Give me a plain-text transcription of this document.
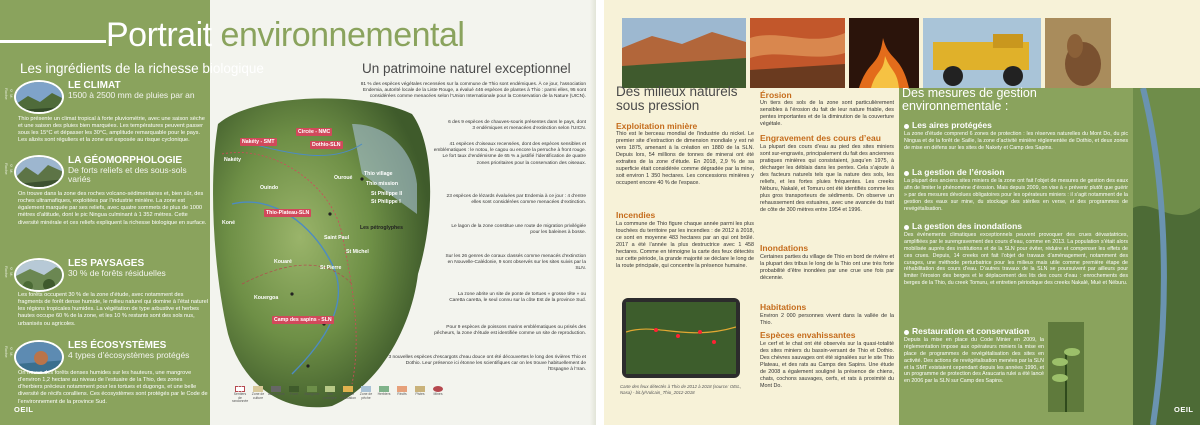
Portrait environnemental
Les ingrédients de la richesse biologique	Un patrimoine naturel exceptionnel
LE CLIMAT
1500 à 2500 mm de pluies par an
Thio présente un climat tropical à forte pluviométrie, avec une saison sèche et une saison des pluies bien marquées. Les températures peuvent passer sous les 15°C et dépasser les 30°C, amplitude remarquable pour le pays. Les alizés sont réguliers et la zone est exposée au risque cyclonique.
© M. Roche
LA GÉOMORPHOLOGIE
De forts reliefs et des sous-sols variés
On trouve dans la zone des roches volcano-sédimentaires et, bien sûr, des roches ultramafiques, exploitées par l’industrie minière. La zone est également marquée par ses reliefs, avec quatre sommets de plus de 1000 mètres d’altitude, dont le pic Ningua culminant à 1 352 mètres. Cette diversité minérale et ces reliefs expliquent la richesse biologique en surface.
© M. Roche
LES PAYSAGES
30 % de forêts résiduelles
Les forêts occupent 30 % de la zone d’étude, avec notamment des fragments de forêt dense humide, le milieu naturel qui domine à l’état naturel les régions tropicales humides. La végétation de type arbustive et herbes hautes occupe 60 % de la zone, et les 10 % restants sont des sols nus, urbanisés ou agricoles.
© M. Roche
LES ÉCOSYSTÈMES
4 types d’écosystèmes protégés
On trouve des forêts denses humides sur les hauteurs, une mangrove d’environ 1,2 hectare au niveau de l’estuaire de la Thio, des zones d’herbiers précieux notamment pour les tortues et dugongs, et une belle diversité de récifs coralliens. Ces écosystèmes sont protégés par le Code de l’environnement de la province Sud.
© M. Roche
Circée - NMC
Nakéty - SMT	Dothio-SLN
Thio-Plateau-SLN
Camp des sapins - SLN
Thio village
Thio mission
St Philippe II
St Philippe I
Ouroué
Les pétroglyphes
Saint Paul
St Michel
Kouaré
St Pierre
Kouergoa
Ouindo
Koné
Nakéty
81 % des espèces végétales recensées sur la commune de Thio sont endémiques. À ce jour, l’association Endemia, autorité locale de la Liste Rouge, a évalué 446 espèces de plantes à Thio : parmi elles, 95 sont considérées comme menacées selon l’Union Internationale pour la Conservation de la Nature (UICN).
6 des 9 espèces de chauves-souris présentes dans le pays, dont 3 endémiques et menacées d’extinction selon l’UICN.
41 espèces d’oiseaux recensées, dont des espèces sensibles et emblématiques : le notou, le cagou ou encore la perruche à front rouge. Le fort taux d’endémisme de 65 % a justifié l’identification de quatre zones prioritaires pour la conservation des oiseaux.
23 espèces de lézards évaluées par Endemia à ce jour : 4 d’entre elles sont considérées comme menacées d’extinction.
Le lagon de la zone constitue une route de migration privilégiée pour les baleines à bosse.
Sur les 26 genres de coraux classés comme menacés d’extinction en Nouvelle-Calédonie, 9 sont observés sur les sites suivis par la SLN.
La zone abrite un site de ponte de tortues « grosse tête » ou Caretta caretta, le seul connu sur la côte Est de la province Sud.
Pour 9 espèces de poissons marins emblématiques ou prisés des pêcheurs, la zone d’étude est identifiée comme un site de reproduction.
3 nouvelles espèces d’escargots d’eau douce ont été découvertes le long des rivières Thio et Dothio. Leur présence ici étonne les scientifiques car on les trouve habituellement de l’Espagne à l’Iran.
Sentiers de randonnée
Zone de culture
Aérodrome	Foret	Mangrove	Aire protégée
Aires de nidification
Zone de pêche
Herbiers	Récifs	Pistes	Mines
OEIL
Des milieux naturels sous pression
Exploitation minière
Thio est le berceau mondial de l’industrie du nickel. Le premier site d’extraction de dimension mondiale y est né vers 1875, amenant à la création en 1880 de la SLN. Depuis lors, 54 millions de tonnes de minerai ont été extraites de la zone d’étude. En 2018, 2,9 % de sa superficie était considérée comme dégradée par la mine, soit environ 1 350 hectares. Les concessions minières y occupent encore 40 % de l’espace.
Incendies
La commune de Thio figure chaque année parmi les plus touchées du territoire par les incendies : de 2012 à 2018, ce sont en moyenne 483 hectares par an qui ont brûlé. 2017 a été l’année la plus destructrice avec 1 458 hectares. Comme en témoigne la carte des feux détectés sur cette période, la grande majorité se déclare le long de la route principale, qui concentre la présence humaine.
Carte des feux détectés à Thio de 2012 à 2018 (source: OEIL, Nasa) - bit.ly/Vulcain_Thio_2012-2018
Érosion
Un tiers des sols de la zone sont particulièrement sensibles à l’érosion du fait de leur nature friable, des pentes importantes et de la diminution de la couverture végétale.
Engravement des cours d’eau
La plupart des cours d’eau au pied des sites miniers sont sur-engravés, principalement du fait des anciennes pratiques minières qui consistaient, jusqu’en 1975, à décharger les déblais dans les pentes. Cela s’ajoute à des facteurs naturels tels que la nature des sols, les reliefs, et les fortes pluies fréquentes. Les creeks Néburu, Nakalé, et Tomuru ont été identifiés comme les plus gros transporteurs de sédiments. On observe un rehaussement des estuaires, avec une avancée du trait de côte de 300 mètres entre 1954 et 1996.
Inondations
Certaines parties du village de Thio en bord de rivière et la plupart des tribus le long de la Thio ont une très forte probabilité d’être inondées par une crue une fois par décennie.
Habitations
Environ 2 000 personnes vivent dans la vallée de la Thio.
Espèces envahissantes
Le cerf et le chat ont été observés sur la quasi-totalité des sites miniers du bassin-versant de Thio et Dothio. Des chèvres sauvages ont été signalées sur le site Thio Plateau, et des rats au Camps des Sapins. Une étude de 2008 a également souligné la présence de chiens, chats, cochons sauvages, cerfs, et rats à proximité du Mont Do.
Des mesures de gestion environnementale :
Les aires protégées
La zone d’étude comprend 6 zones de protection : les réserves naturelles du Mont Do, du pic Ningua et de la forêt de Saille, la zone d’activité minière réglementée de Dothio, et deux zones de mise en défens sur les sites de Nakety et Camp des Sapins.
La gestion de l’érosion
La plupart des anciens sites miniers de la zone ont fait l’objet de mesures de gestion des eaux afin de limiter le phénomène d’érosion. Mais depuis 2009, on vise à « prévenir plutôt que guérir » par des mesures dévolues obligatoires pour les opérateurs miniers : il s’agit notamment de la gestion des eaux sur mine, du stockage des stériles en verse, et des programmes de revégétalisation.
La gestion des inondations
Des événements climatiques exceptionnels peuvent provoquer des crues dévastatrices, amplifiées par le surengravement des cours d’eau, comme en 2013. La population s’était alors mobilisée auprès des institutions et de la SLN pour éviter, réduire et compenser les effets de ces crues. Depuis, 14 creeks ont fait l’objet de travaux d’aménagement, notamment des curages, une méthode perturbatrice pour les milieux mais utile comme première étape de réhabilitation des cours d’eau. D’autres travaux de la SLN se poursuivent par ailleurs pour limiter l’érosion des berges et le déplacement des lits des cours d’eau : enrochements des berges de la Thio, du creek Tomuru, et entretien périodique des creeks Nakalé, Mué et Néburu.
Restauration et conservation
Depuis la mise en place du Code Minier en 2009, la réglementation impose aux opérateurs miniers la mise en place de programmes de revégétalisation des sites en activité. Des actions de revégétalisation menées par la SLN et la SMT existaient cependant depuis les années 1990, et un programme de protection des Araucaria rulei a été lancé en 2006 par la SLN sur Camp des Sapins.
OEIL
